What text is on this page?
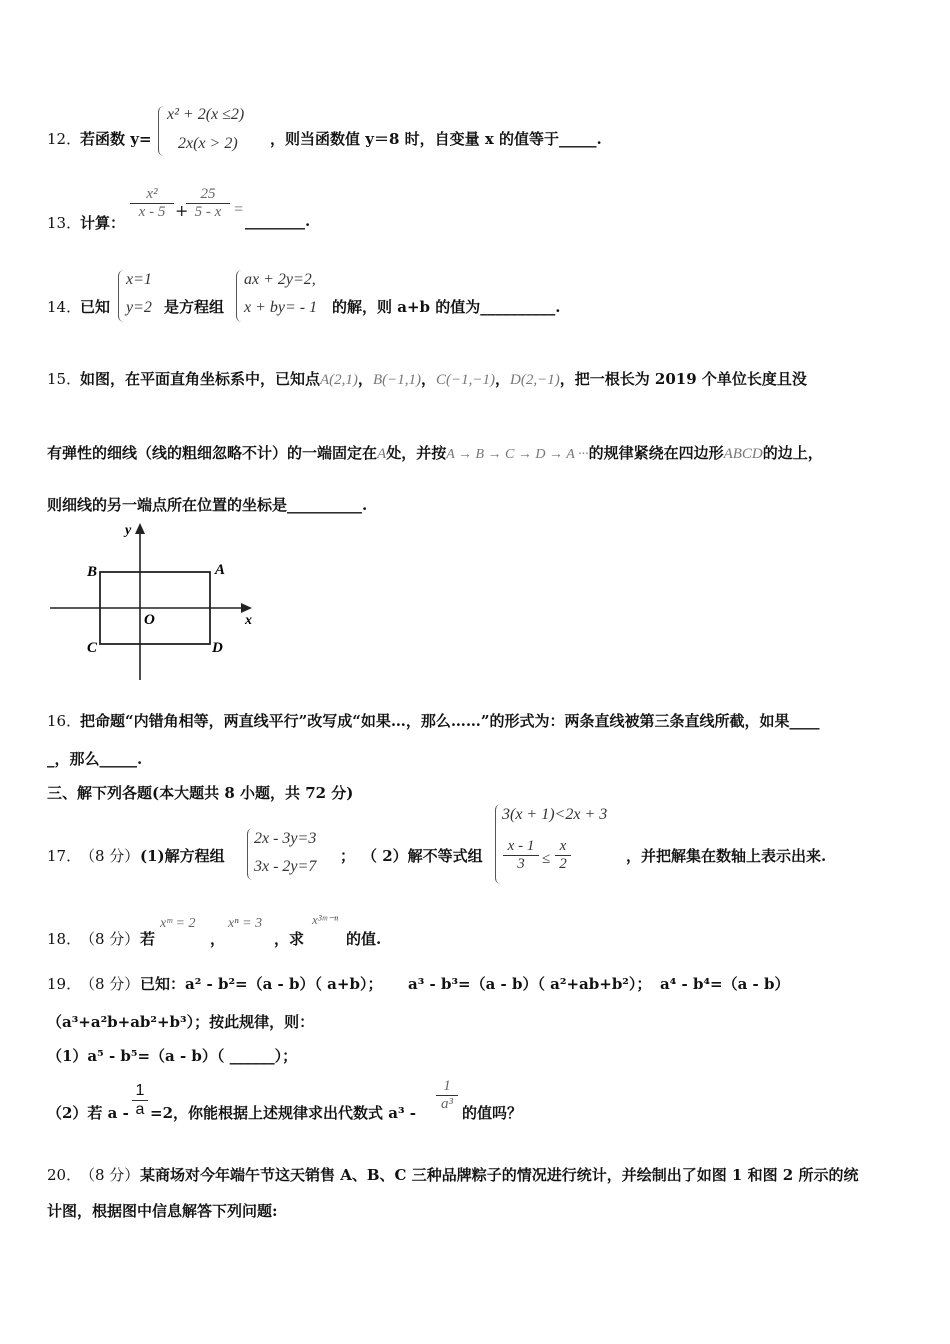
12．
若函数 y=
x² + 2(x ≤2)
2x(x > 2) ，则当函数值 y＝8 时，自变量 x 的值等于_____.
13．
计算：
$\frac{\text{x²}}{x - 5}$ +
$\frac{25}{5 - x}$ =
________.
14．
已知
x=1
y=2 是方程组
ax + 2y=2,
x + by= - 1 的解，则 a+b 的值为__________.
15．
如图，在平面直角坐标系中，已知点A(2,1)，B(−1,1)，C(−1,−1)，D(2,−1)，把一根长为 2019 个单位长度且没
有弹性的细线（线的粗细忽略不计）的一端固定在A处，并按A → B → C → D → A ···的规律紧绕在四边形ABCD的边上，
则细线的另一端点所在位置的坐标是__________.
y
x
B	A
O
C	D
16．
把命题“内错角相等，两直线平行”改写成“如果…，那么……”的形式为：两条直线被第三条直线所截，如果____
_，那么_____.
三、解下列各题(本大题共 8 小题，共 72 分)
17．
（8 分） (1)解方程组
2x - 3y=3
3x - 2y=7
； （ 2）解不等式组
3(x + 1)<2x + 3
$\frac{x - 1}{3} \le \frac{x}{2}$	，并把解集在数轴上表示出来.
18．
（8 分） 若
xᵐ = 2
，
xⁿ = 3
，求
x³ᵐ⁻ⁿ
的值.
19．
（8 分） 已知：a² - b²=（a - b）（ a+b）； a³ - b³=（a - b）（ a²+ab+b²）； a⁴ - b⁴=（a - b）
（a³+a²b+ab²+b³）；按此规律，则：
（1）a⁵ - b⁵=（a - b）（ ______）；
（2）若 $a - \frac{1}{a} =2$，你能根据上述规律求出代数式 $a^3 - \frac{1}{\text{a³}}$ 的值吗？
20．
（8 分） 某商场对今年端午节这天销售 A、B、C 三种品牌粽子的情况进行统计，并绘制出了如图 1 和图 2 所示的统
计图，根据图中信息解答下列问题:
